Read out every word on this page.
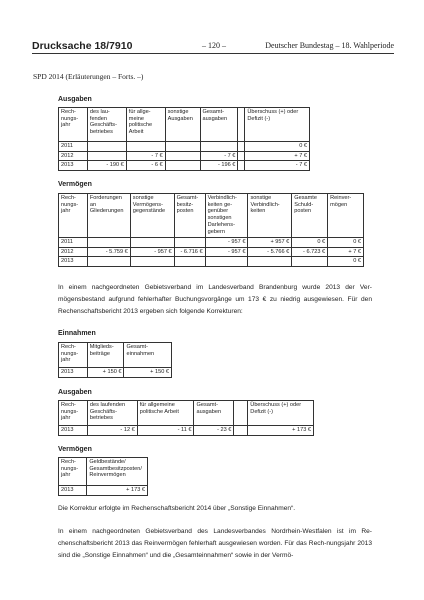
Drucksache 18/7910	– 120 –	Deutscher Bundestag – 18. Wahlperiode
SPD 2014 (Erläuterungen – Forts. –)
Ausgaben
Rech-nungs-jahr	des lau-fenden Geschäfts-betriebes	für allge-meine politische Arbeit	sonstige Ausgaben	Gesamt-ausgaben		Überschuss (+) oder Defizit (-)
2011						0 €
2012		- 7 €		- 7 €		+ 7 €
2013	- 190 €	- 6 €		- 196 €		- 7 €
Vermögen
Rech-nungs-jahr	Forderungen an Gliederungen	sonstige Vermögens-gegenstände	Gesamt-besitz-posten	Verbindlich-keiten ge-genüber sonstigen Darlehens-gebern	sonstige Verbindlich-keiten	Gesamte Schuld-posten	Reinver-mögen
2011				- 957 €	+ 957 €	0 €	0 €
2012	- 5.759 €	- 957 €	- 6.716 €	- 957 €	- 5.766 €	- 6.723 €	+ 7 €
2013							0 €
In einem nachgeordneten Gebietsverband im Landesverband Brandenburg wurde 2013 der Ver-mögensbestand aufgrund fehlerhafter Buchungsvorgänge um 173 € zu niedrig ausgewiesen. Für den Rechenschaftsbericht 2013 ergeben sich folgende Korrekturen:
Einnahmen
Rech-nungs-jahr	Mitglieds-beiträge	Gesamt-einnahmen
2013	+ 150 €	+ 150 €
Ausgaben
Rech-nungs-jahr	des laufenden Geschäfts-betriebes	für allgemeine politische Arbeit	Gesamt-ausgaben		Überschuss (+) oder Defizit (-)
2013	- 12 €	- 11 €	- 23 €		+ 173 €
Vermögen
Rech-nungs-jahr	Geldbestände/ Gesamtbesitzposten/ Reinvermögen
2013	+ 173 €
Die Korrektur erfolgte im Rechenschaftsbericht 2014 über „Sonstige Einnahmen“.
In einem nachgeordneten Gebietsverband des Landesverbandes Nordrhein-Westfalen ist im Re-chenschaftsbericht 2013 das Reinvermögen fehlerhaft ausgewiesen worden. Für das Rech-nungsjahr 2013 sind die „Sonstige Einnahmen“ und die „Gesamteinnahmen“ sowie in der Vermö-
